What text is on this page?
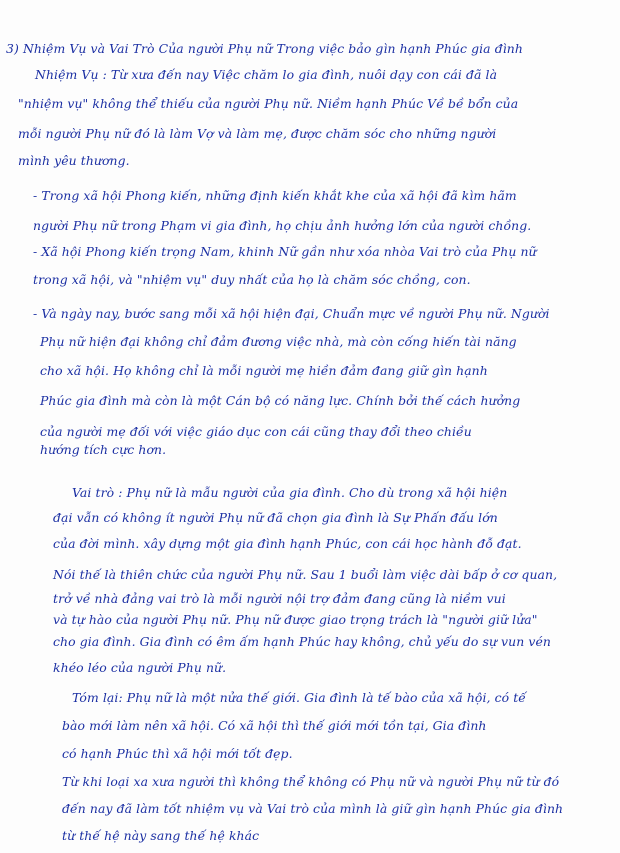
3) Nhiệm Vụ và Vai Trò Của người Phụ nữ Trong việc bảo gìn hạnh Phúc gia đình
Nhiệm Vụ : Từ xưa đến nay Việc chăm lo gia đình, nuôi dạy con cái đã là
"nhiệm vụ" không thể thiếu của người Phụ nữ. Niềm hạnh Phúc Về bề bổn của
mỗi người Phụ nữ đó là làm Vợ và làm mẹ, được chăm sóc cho những người
mình yêu thương.
- Trong xã hội Phong kiến, những định kiến khắt khe của xã hội đã kìm hãm
người Phụ nữ trong Phạm vi gia đình, họ chịu ảnh hưởng lớn của người chồng.
- Xã hội Phong kiến trọng Nam, khinh Nữ gần như xóa nhòa Vai trò của Phụ nữ
trong xã hội, và "nhiệm vụ" duy nhất của họ là chăm sóc chồng, con.
- Và ngày nay, bước sang mỗi xã hội hiện đại, Chuẩn mực về người Phụ nữ. Người
Phụ nữ hiện đại không chỉ đảm đương việc nhà, mà còn cống hiến tài năng
cho xã hội. Họ không chỉ là mỗi người mẹ hiền đảm đang giữ gìn hạnh
Phúc gia đình mà còn là một Cán bộ có năng lực. Chính bởi thế cách hưởng
của người mẹ đối với việc giáo dục con cái cũng thay đổi theo chiều
hướng tích cực hơn.
Vai trò : Phụ nữ là mẫu người của gia đình. Cho dù trong xã hội hiện
đại vẫn có không ít người Phụ nữ đã chọn gia đình là Sự Phấn đấu lớn
của đời mình. xây dựng một gia đình hạnh Phúc, con cái học hành đỗ đạt.
Nói thế là thiên chức của người Phụ nữ. Sau 1 buổi làm việc dài bấp ở cơ quan,
trở về nhà đảng vai trò là mỗi người nội trợ đảm đang cũng là niềm vui
và tự hào của người Phụ nữ. Phụ nữ được giao trọng trách là "người giữ lửa"
cho gia đình. Gia đình có êm ấm hạnh Phúc hay không, chủ yếu do sự vun vén
khéo léo của người Phụ nữ.
Tóm lại: Phụ nữ là một nửa thế giới. Gia đình là tế bào của xã hội, có tế
bào mới làm nên xã hội. Có xã hội thì thế giới mới tồn tại, Gia đình
có hạnh Phúc thì xã hội mới tốt đẹp.
Từ khi loại xa xưa người thì không thể không có Phụ nữ và người Phụ nữ từ đó
đến nay đã làm tốt nhiệm vụ và Vai trò của mình là giữ gìn hạnh Phúc gia đình
từ thế hệ này sang thế hệ khác
